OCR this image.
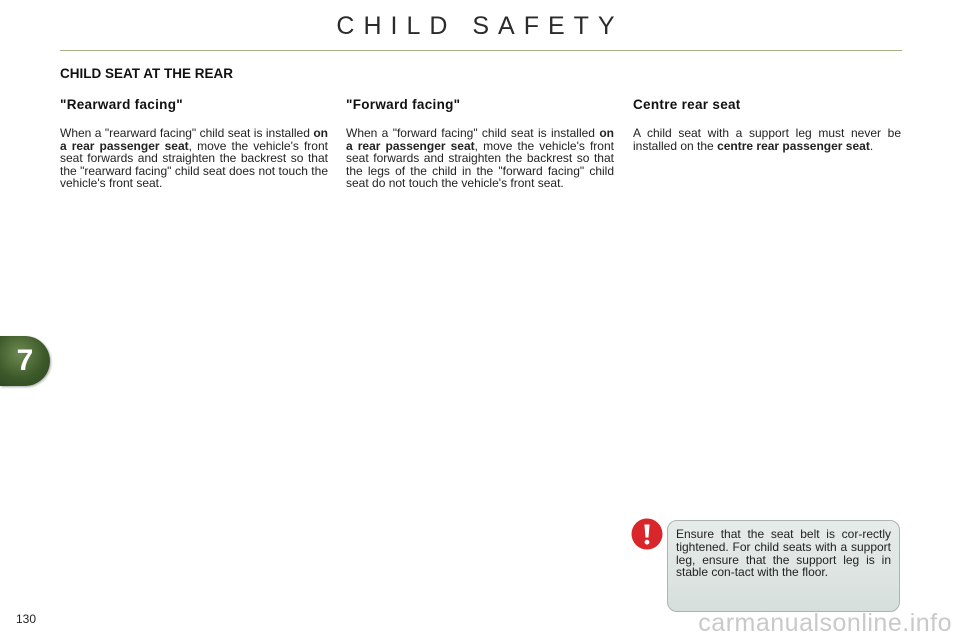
CHILD SAFETY
CHILD SEAT AT THE REAR
"Rearward facing"

When a "rearward facing" child seat is installed on a rear passenger seat, move the vehicle's front seat forwards and straighten the backrest so that the "rearward facing" child seat does not touch the vehicle's front seat.

"Forward facing"

When a "forward facing" child seat is installed on a rear passenger seat, move the vehicle's front seat forwards and straighten the backrest so that the legs of the child in the "forward facing" child seat do not touch the vehicle's front seat.

Centre rear seat

A child seat with a support leg must never be installed on the centre rear passenger seat.

7

Ensure that the seat belt is cor-rectly tightened. For child seats with a support leg, ensure that the support leg is in stable con-tact with the floor.

130	carmanualsonline.info
